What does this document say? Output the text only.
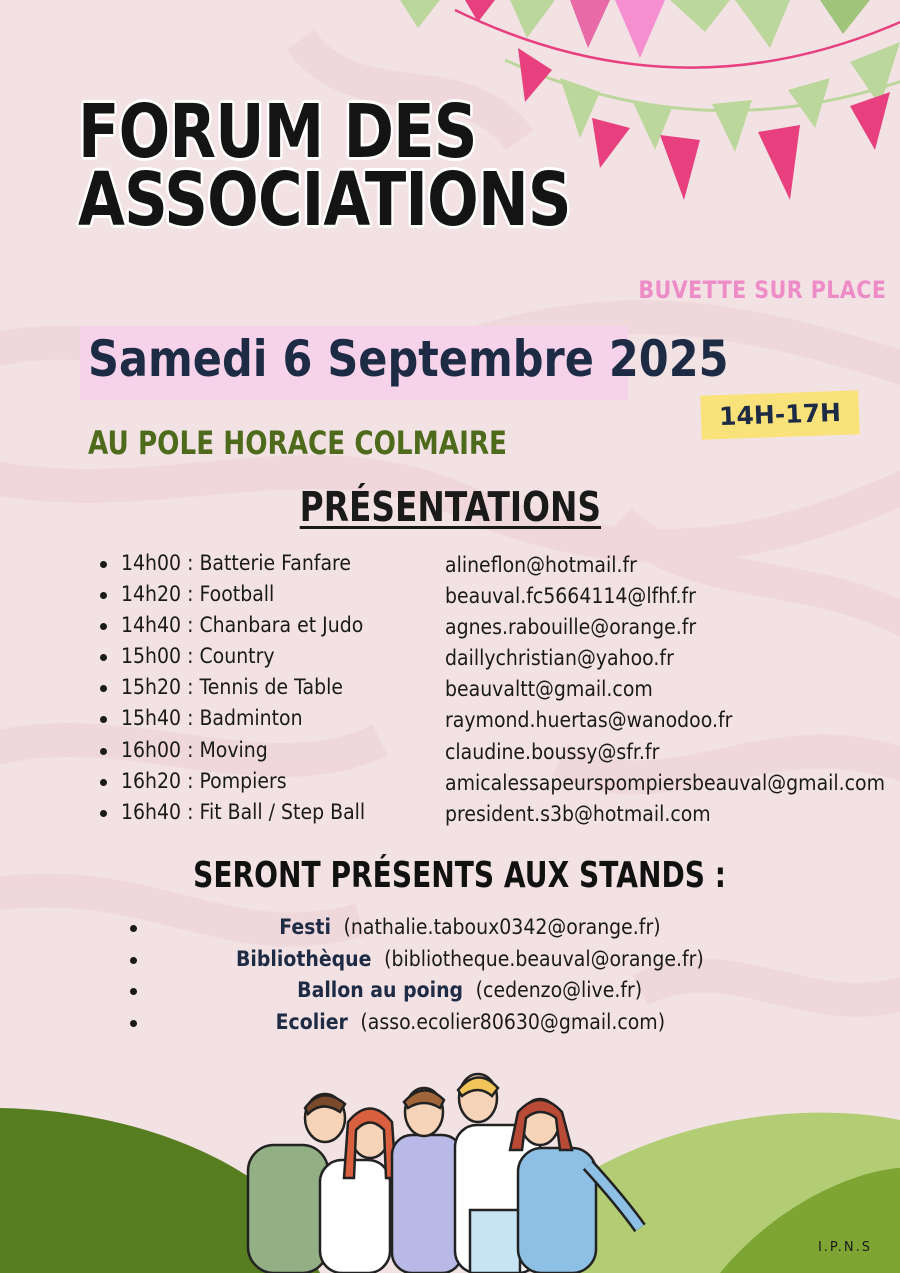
FORUM DES
ASSOCIATIONS
BUVETTE SUR PLACE
Samedi 6 Septembre 2025
14H-17H
AU POLE HORACE COLMAIRE
PRÉSENTATIONS
14h00 : Batterie Fanfare
14h20 : Football
14h40 : Chanbara et Judo
15h00 : Country
15h20 : Tennis de Table
15h40 : Badminton
16h00 : Moving
16h20 : Pompiers
16h40 : Fit Ball / Step Ball
alineflon@hotmail.fr
beauval.fc5664114@lfhf.fr
agnes.rabouille@orange.fr
daillychristian@yahoo.fr
beauvaltt@gmail.com
raymond.huertas@wanodoo.fr
claudine.boussy@sfr.fr
amicalessapeurspompiersbeauval@gmail.com
president.s3b@hotmail.com
SERONT PRÉSENTS AUX STANDS :
Festi (nathalie.taboux0342@orange.fr)
Bibliothèque (bibliotheque.beauval@orange.fr)
Ballon au poing (cedenzo@live.fr)
Ecolier (asso.ecolier80630@gmail.com)
I.P.N.S
